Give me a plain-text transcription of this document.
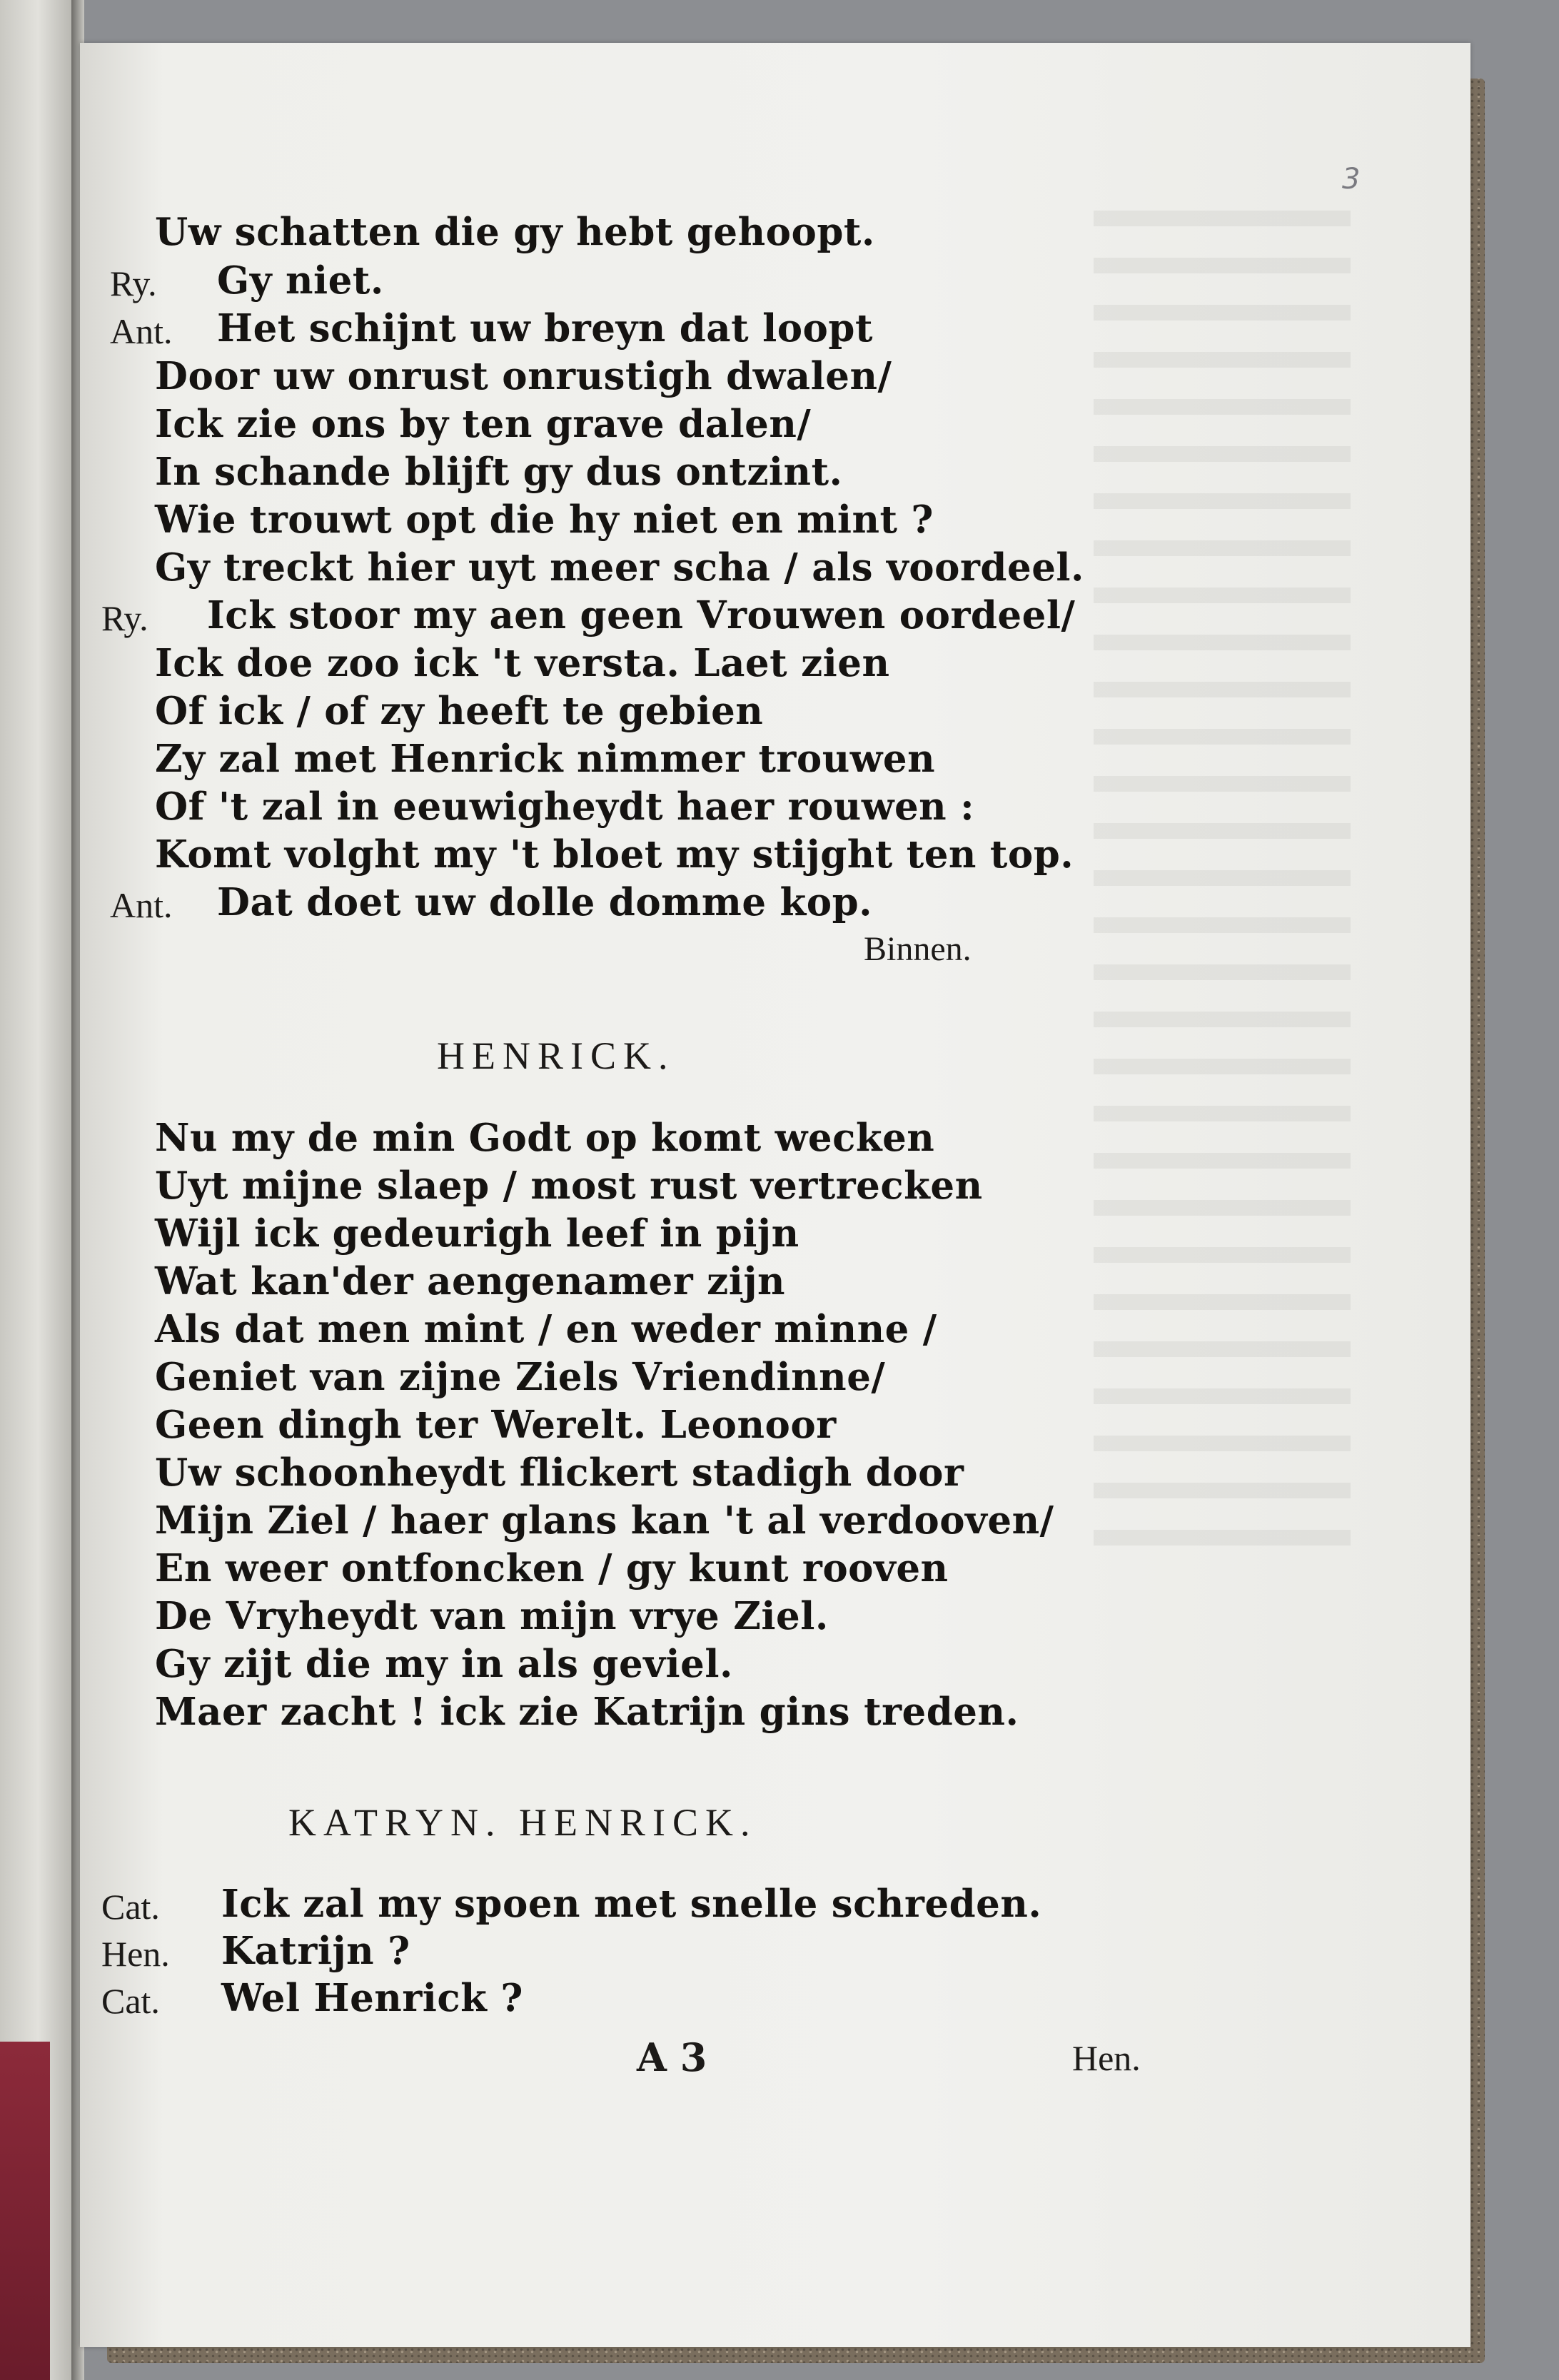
3
Uw schatten die gy hebt gehoopt.
Ry. Gy niet.
Ant. Het schijnt uw breyn dat loopt
Door uw onrust onrustigh dwalen/
Ick zie ons by ten grave dalen/
In schande blijft gy dus ontzint.
Wie trouwt opt die hy niet en mint ?
Gy treckt hier uyt meer scha / als voordeel.
Ry. Ick stoor my aen geen Vrouwen oordeel/
Ick doe zoo ick 't versta. Laet zien
Of ick / of zy heeft te gebien
Zy zal met Henrick nimmer trouwen
Of 't zal in eeuwigheydt haer rouwen :
Komt volght my 't bloet my stijght ten top.
Ant. Dat doet uw dolle domme kop.
Binnen.
HENRICK.
Nu my de min Godt op komt wecken
Uyt mijne slaep / most rust vertrecken
Wijl ick gedeurigh leef in pijn
Wat kan'der aengenamer zijn
Als dat men mint / en weder minne /
Geniet van zijne Ziels Vriendinne/
Geen dingh ter Werelt. Leonoor
Uw schoonheydt flickert stadigh door
Mijn Ziel / haer glans kan 't al verdooven/
En weer ontfoncken / gy kunt rooven
De Vryheydt van mijn vrye Ziel.
Gy zijt die my in als geviel.
Maer zacht ! ick zie Katrijn gins treden.
KATRYN. HENRICK.
Cat. Ick zal my spoen met snelle schreden.
Hen. Katrijn ?
Cat. Wel Henrick ?
A 3	Hen.
